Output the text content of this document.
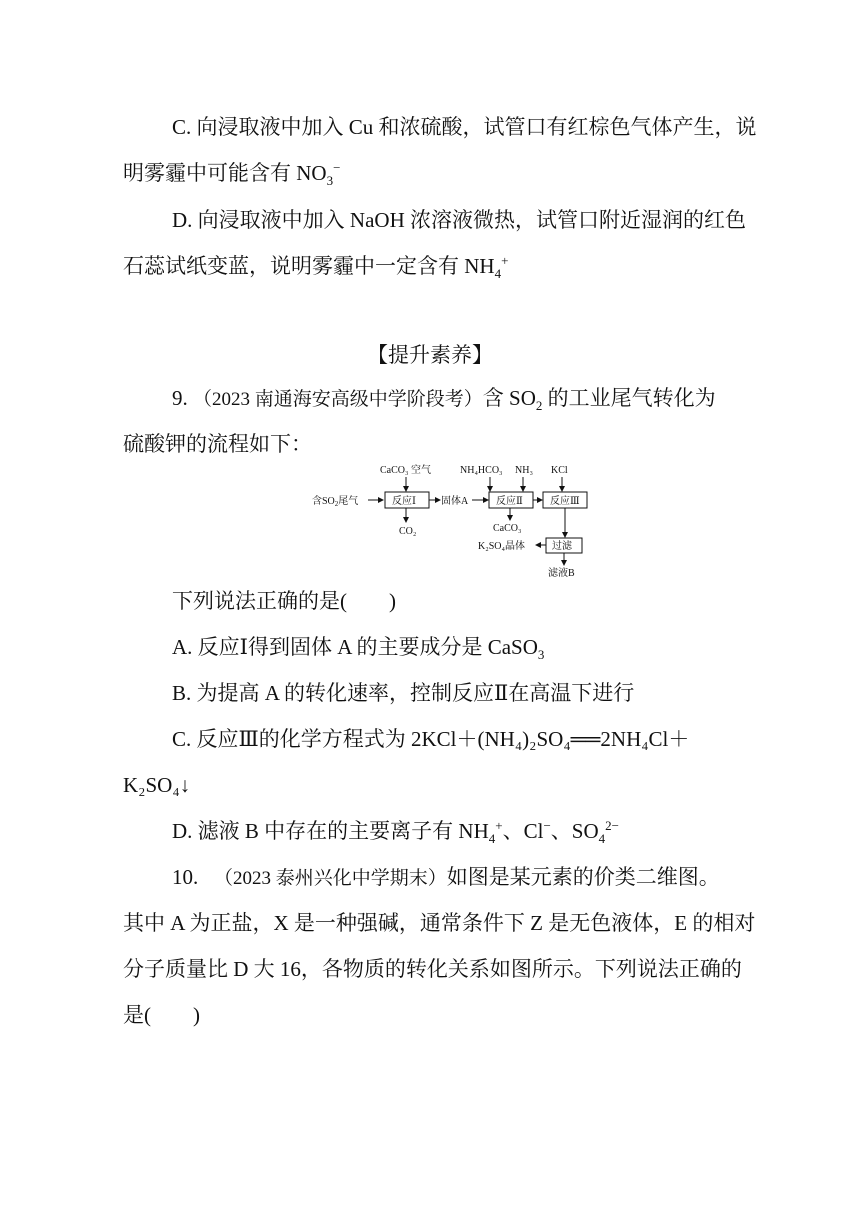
C. 向浸取液中加入 Cu 和浓硫酸，试管口有红棕色气体产生，说
明雾霾中可能含有 $NO_3^-$
D. 向浸取液中加入 NaOH 浓溶液微热，试管口附近湿润的红色
石蕊试纸变蓝，说明雾霾中一定含有 $NH_4^+$
【提升素养】
9. （2023 南通海安高级中学阶段考）含 $SO_2$ 的工业尾气转化为
硫酸钾的流程如下：
含$SO_2$尾气
CaCO₃ 空气
反应Ⅰ
CO₂
固体A
NH₄HCO₃ NH₃
反应Ⅱ
CaCO₃
KCl
反应Ⅲ
过滤
K₂SO₄晶体
滤液B
下列说法正确的是(　　)
A. 反应Ⅰ得到固体 A 的主要成分是 CaSO$_3$
B. 为提高 A 的转化速率，控制反应Ⅱ在高温下进行
C. 反应Ⅲ的化学方程式为 2KCl＋(NH₄)₂SO₄══2NH₄Cl＋
K₂SO₄↓
D. 滤液 B 中存在的主要离子有 $NH_4^+$、Cl−、$SO_4^{2-}$
10. （2023 泰州兴化中学期末）如图是某元素的价类二维图。
其中 A 为正盐，X 是一种强碱，通常条件下 Z 是无色液体，E 的相对
分子质量比 D 大 16，各物质的转化关系如图所示。下列说法正确的
是(　　)
